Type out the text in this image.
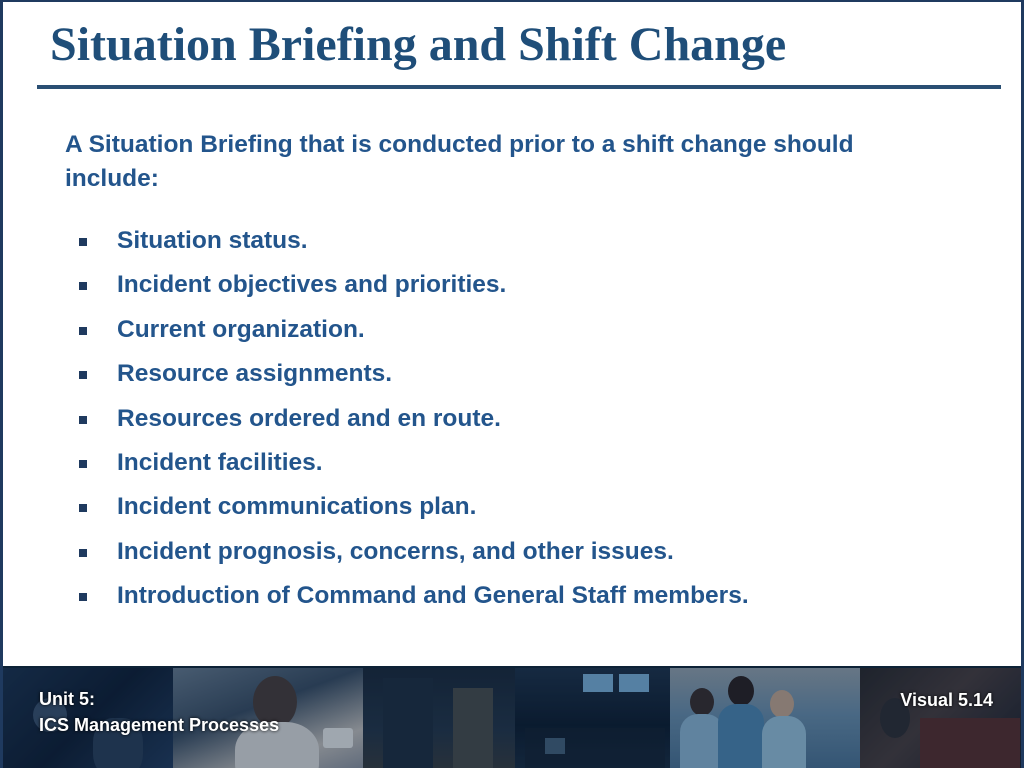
Situation Briefing and Shift Change

A Situation Briefing that is conducted prior to a shift change should include:

Situation status.
Incident objectives and priorities.
Current organization.
Resource assignments.
Resources ordered and en route.
Incident facilities.
Incident communications plan.
Incident prognosis, concerns, and other issues.
Introduction of Command and General Staff members.
Unit 5:
ICS Management Processes
Visual 5.14
